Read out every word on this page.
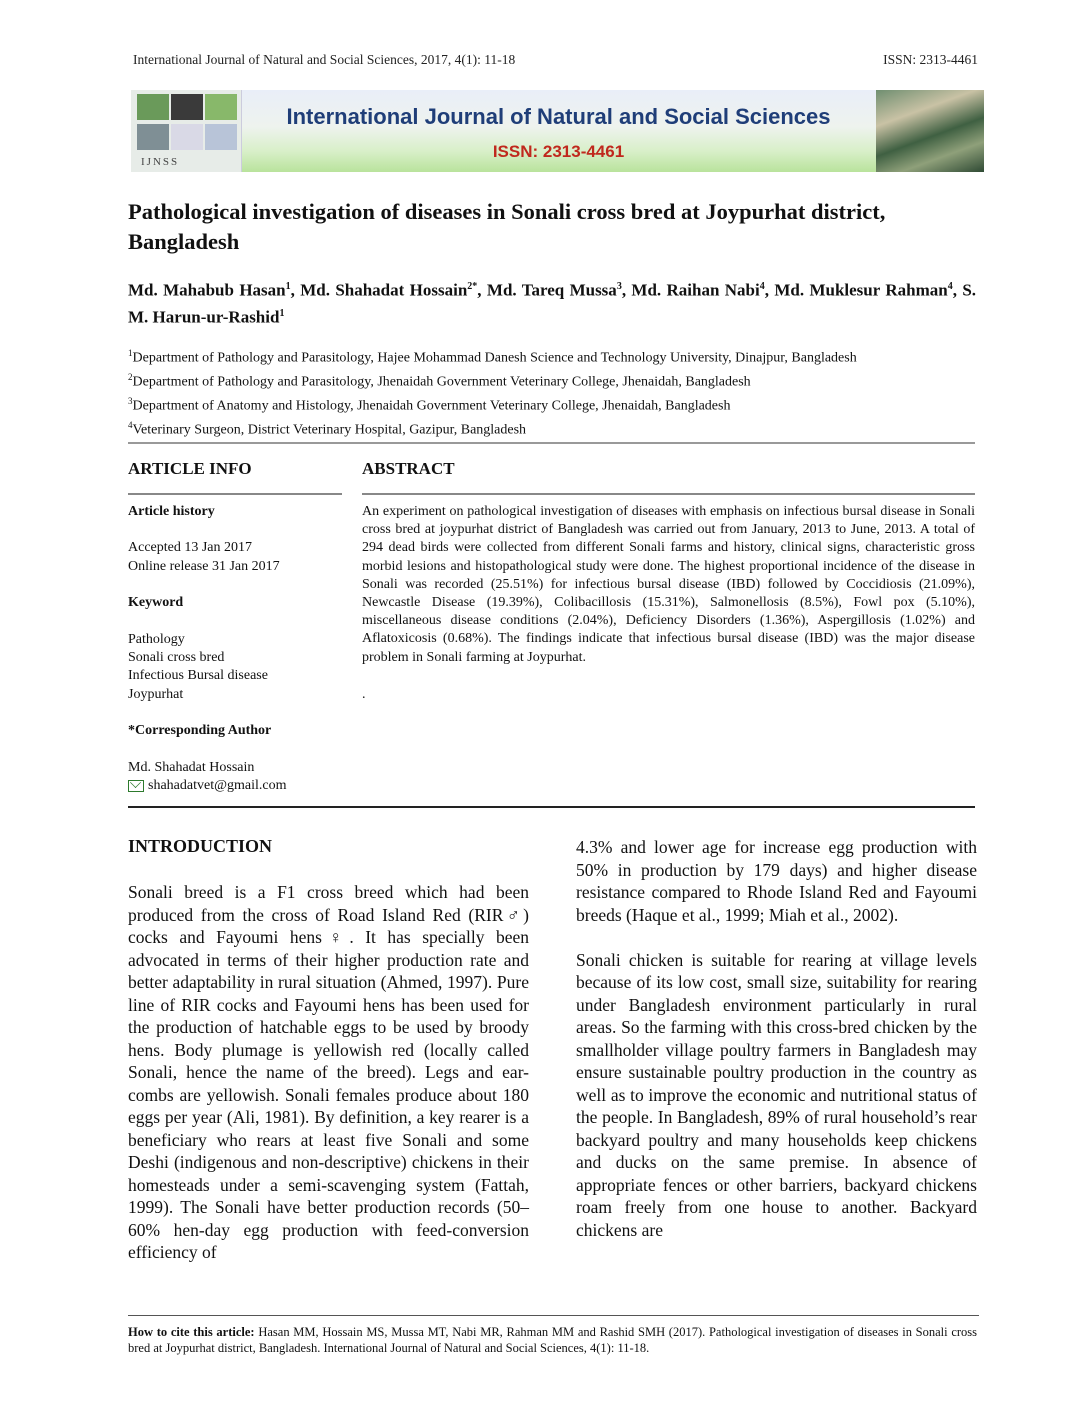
International Journal of Natural and Social Sciences, 2017, 4(1): 11-18	ISSN: 2313-4461
IJNSS
International Journal of Natural and Social Sciences
ISSN: 2313-4461
Pathological investigation of diseases in Sonali cross bred at Joypurhat district, Bangladesh
Md. Mahabub Hasan$^1$, Md. Shahadat Hossain$^{2*}$, Md. Tareq Mussa$^3$, Md. Raihan Nabi$^4$, Md. Muklesur Rahman$^4$, S. M. Harun-ur-Rashid$^1$
$^1$Department of Pathology and Parasitology, Hajee Mohammad Danesh Science and Technology University, Dinajpur, Bangladesh
$^2$Department of Pathology and Parasitology, Jhenaidah Government Veterinary College, Jhenaidah, Bangladesh
$^3$Department of Anatomy and Histology, Jhenaidah Government Veterinary College, Jhenaidah, Bangladesh
$^4$Veterinary Surgeon, District Veterinary Hospital, Gazipur, Bangladesh
ARTICLE INFO	ABSTRACT
Article history
Accepted 13 Jan 2017
Online release 31 Jan 2017
Keyword
Pathology
Sonali cross bred
Infectious Bursal disease
Joypurhat
*Corresponding Author
Md. Shahadat Hossain
shahadatvet@gmail.com
An experiment on pathological investigation of diseases with emphasis on infectious bursal disease in Sonali cross bred at joypurhat district of Bangladesh was carried out from January, 2013 to June, 2013. A total of 294 dead birds were collected from different Sonali farms and history, clinical signs, characteristic gross morbid lesions and histopathological study were done. The highest proportional incidence of the disease in Sonali was recorded (25.51%) for infectious bursal disease (IBD) followed by Coccidiosis (21.09%), Newcastle Disease (19.39%), Colibacillosis (15.31%), Salmonellosis (8.5%), Fowl pox (5.10%), miscellaneous disease conditions (2.04%), Deficiency Disorders (1.36%), Aspergillosis (1.02%) and Aflatoxicosis (0.68%). The findings indicate that infectious bursal disease (IBD) was the major disease problem in Sonali farming at Joypurhat.
.
INTRODUCTION
Sonali breed is a F1 cross breed which had been produced from the cross of Road Island Red (RIR♂) cocks and Fayoumi hens♀. It has specially been advocated in terms of their higher production rate and better adaptability in rural situation (Ahmed, 1997). Pure line of RIR cocks and Fayoumi hens has been used for the production of hatchable eggs to be used by broody hens. Body plumage is yellowish red (locally called Sonali, hence the name of the breed). Legs and ear-combs are yellowish. Sonali females produce about 180 eggs per year (Ali, 1981). By definition, a key rearer is a beneficiary who rears at least five Sonali and some Deshi (indigenous and non-descriptive) chickens in their homesteads under a semi-scavenging system (Fattah, 1999). The Sonali have better production records (50–60% hen-day egg production with feed-conversion efficiency of
4.3% and lower age for increase egg production with 50% in production by 179 days) and higher disease resistance compared to Rhode Island Red and Fayoumi breeds (Haque et al., 1999; Miah et al., 2002).
Sonali chicken is suitable for rearing at village levels because of its low cost, small size, suitability for rearing under Bangladesh environment particularly in rural areas. So the farming with this cross-bred chicken by the smallholder village poultry farmers in Bangladesh may ensure sustainable poultry production in the country as well as to improve the economic and nutritional status of the people. In Bangladesh, 89% of rural household’s rear backyard poultry and many households keep chickens and ducks on the same premise. In absence of appropriate fences or other barriers, backyard chickens roam freely from one house to another. Backyard chickens are
How to cite this article: Hasan MM, Hossain MS, Mussa MT, Nabi MR, Rahman MM and Rashid SMH (2017). Pathological investigation of diseases in Sonali cross bred at Joypurhat district, Bangladesh. International Journal of Natural and Social Sciences, 4(1): 11-18.
